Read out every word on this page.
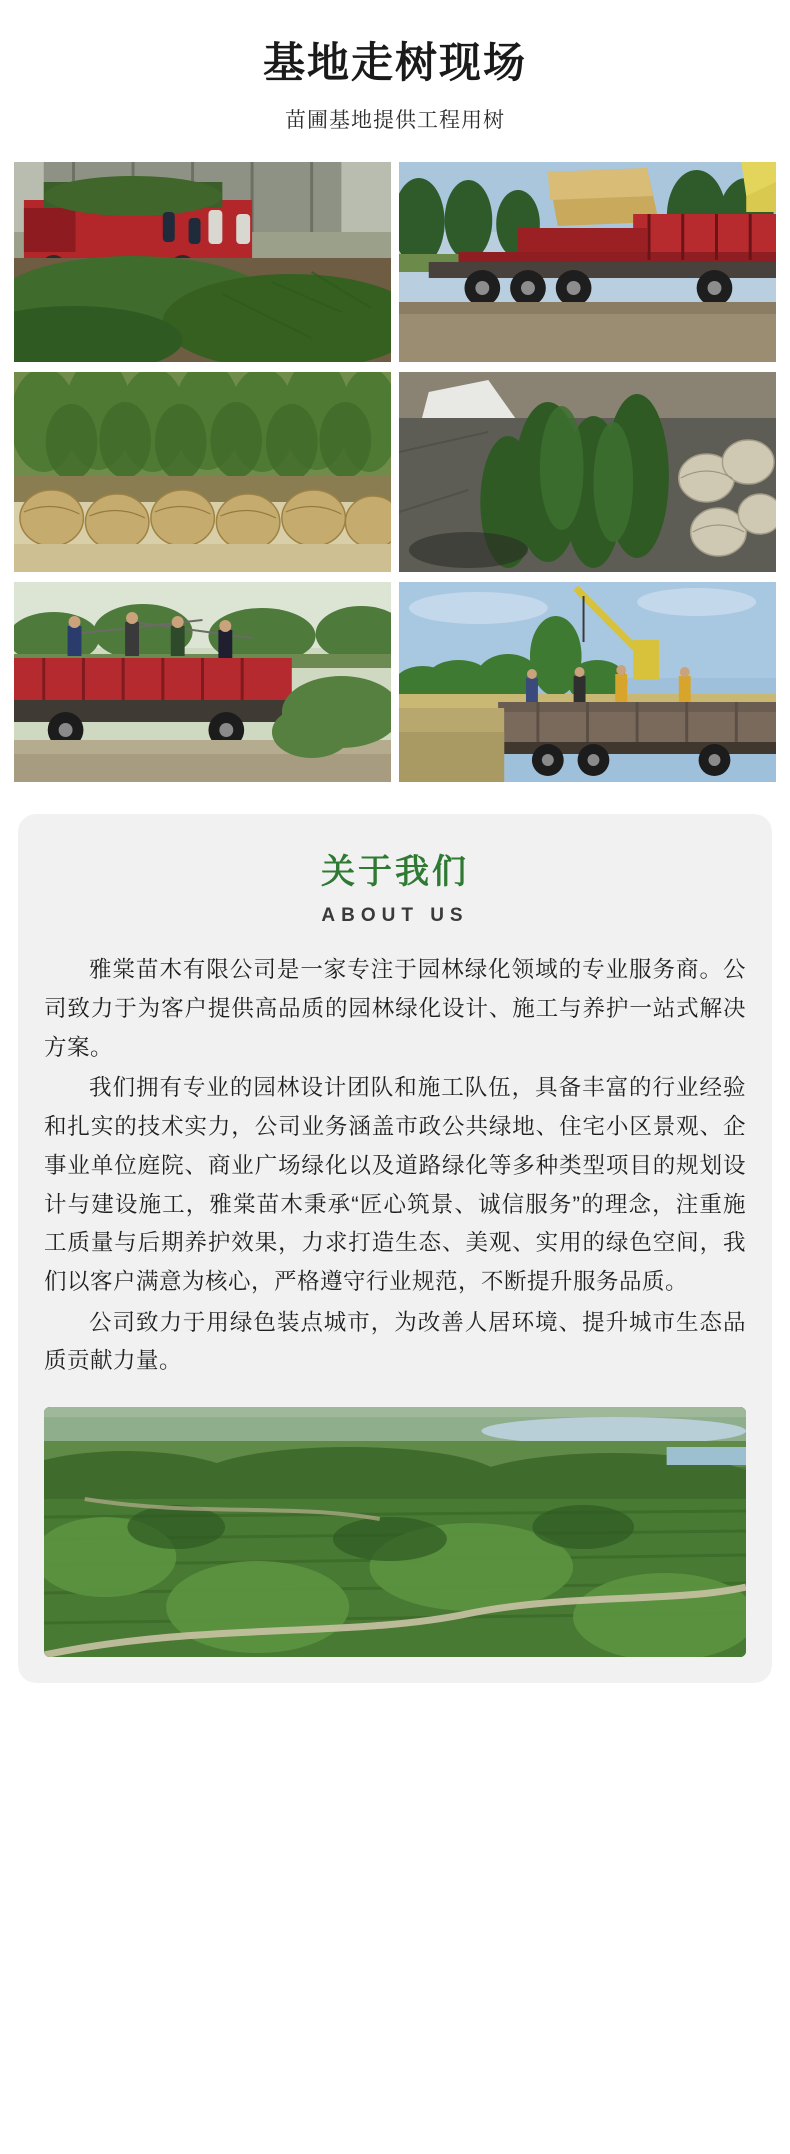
基地走树现场
苗圃基地提供工程用树
关于我们
ABOUT US

雅棠苗木有限公司是一家专注于园林绿化领域的专业服务商。公司致力于为客户提供高品质的园林绿化设计、施工与养护一站式解决方案。

我们拥有专业的园林设计团队和施工队伍，具备丰富的行业经验和扎实的技术实力，公司业务涵盖市政公共绿地、住宅小区景观、企事业单位庭院、商业广场绿化以及道路绿化等多种类型项目的规划设计与建设施工，雅棠苗木秉承“匠心筑景、诚信服务”的理念，注重施工质量与后期养护效果，力求打造生态、美观、实用的绿色空间，我们以客户满意为核心，严格遵守行业规范，不断提升服务品质。

公司致力于用绿色装点城市，为改善人居环境、提升城市生态品质贡献力量。
